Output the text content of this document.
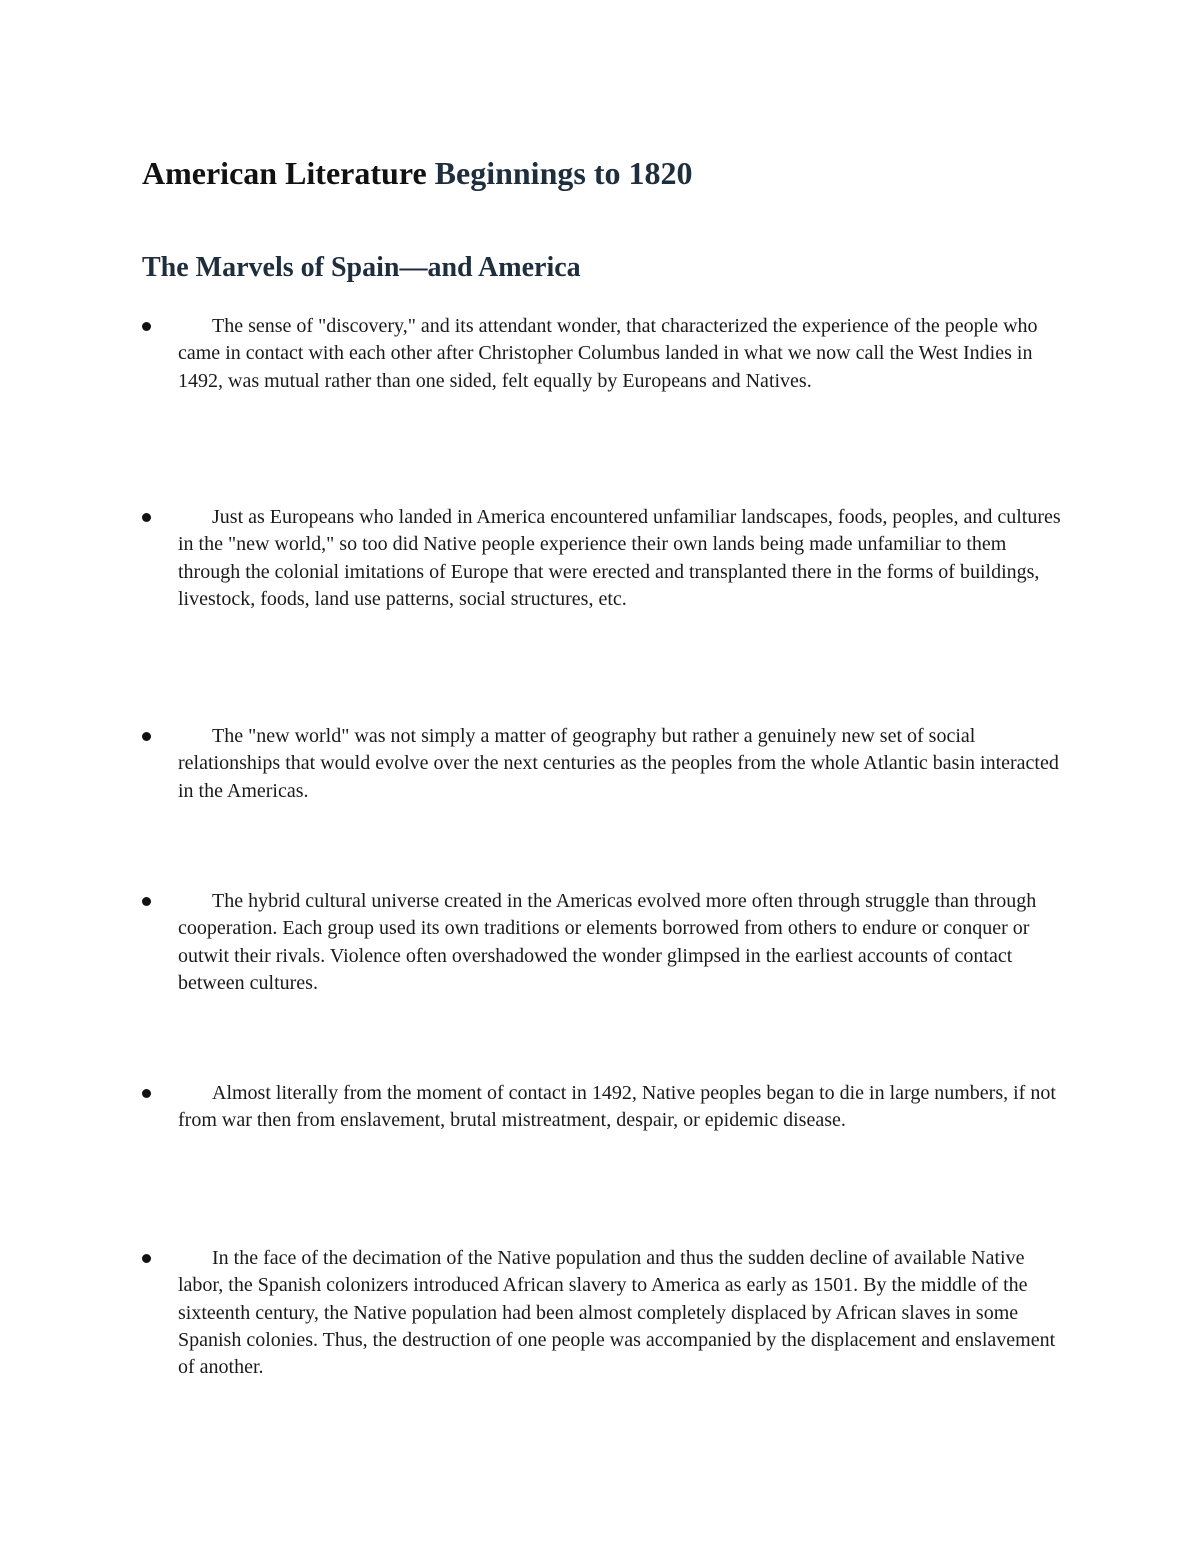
American Literature Beginnings to 1820
The Marvels of Spain—and America

The sense of "discovery," and its attendant wonder, that characterized the experience of the people who came in contact with each other after Christopher Columbus landed in what we now call the West Indies in 1492, was mutual rather than one sided, felt equally by Europeans and Natives.

Just as Europeans who landed in America encountered unfamiliar landscapes, foods, peoples, and cultures in the "new world," so too did Native people experience their own lands being made unfamiliar to them through the colonial imitations of Europe that were erected and transplanted there in the forms of buildings, livestock, foods, land use patterns, social structures, etc.

The "new world" was not simply a matter of geography but rather a genuinely new set of social relationships that would evolve over the next centuries as the peoples from the whole Atlantic basin interacted in the Americas.

The hybrid cultural universe created in the Americas evolved more often through struggle than through cooperation. Each group used its own traditions or elements borrowed from others to endure or conquer or outwit their rivals. Violence often overshadowed the wonder glimpsed in the earliest accounts of contact between cultures.

Almost literally from the moment of contact in 1492, Native peoples began to die in large numbers, if not from war then from enslavement, brutal mistreatment, despair, or epidemic disease.

In the face of the decimation of the Native population and thus the sudden decline of available Native labor, the Spanish colonizers introduced African slavery to America as early as 1501. By the middle of the sixteenth century, the Native population had been almost completely displaced by African slaves in some Spanish colonies. Thus, the destruction of one people was accompanied by the displacement and enslavement of another.
